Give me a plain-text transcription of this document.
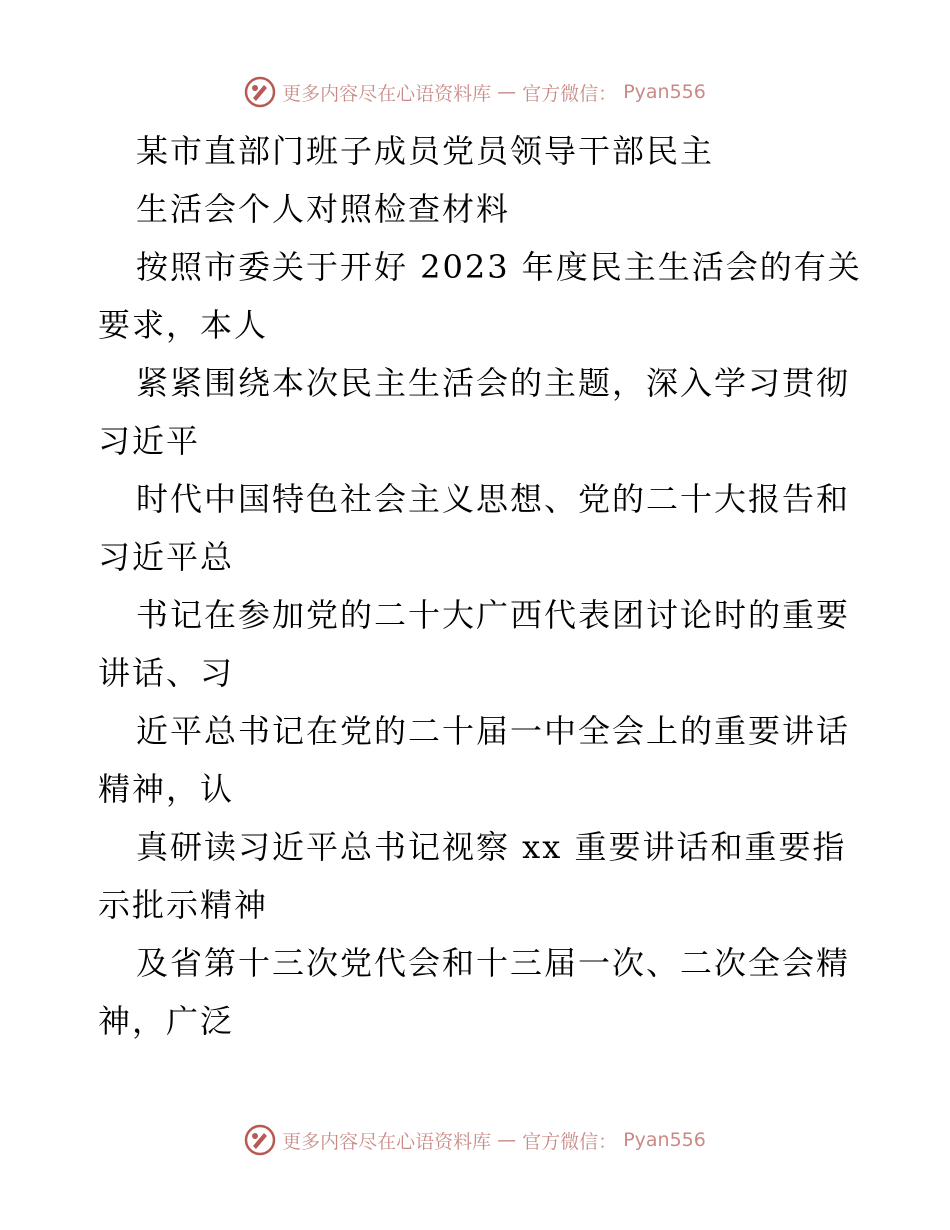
更多内容尽在心语资料库 — 官方微信： Pyan556
某市直部门班子成员党员领导干部民主
生活会个人对照检查材料
按照市委关于开好 2023 年度民主生活会的有关
要求，本人
紧紧围绕本次民主生活会的主题，深入学习贯彻
习近平
时代中国特色社会主义思想、党的二十大报告和
习近平总
书记在参加党的二十大广西代表团讨论时的重要
讲话、习
近平总书记在党的二十届一中全会上的重要讲话
精神，认
真研读习近平总书记视察 xx 重要讲话和重要指
示批示精神
及省第十三次党代会和十三届一次、二次全会精
神，广泛
更多内容尽在心语资料库 — 官方微信： Pyan556
